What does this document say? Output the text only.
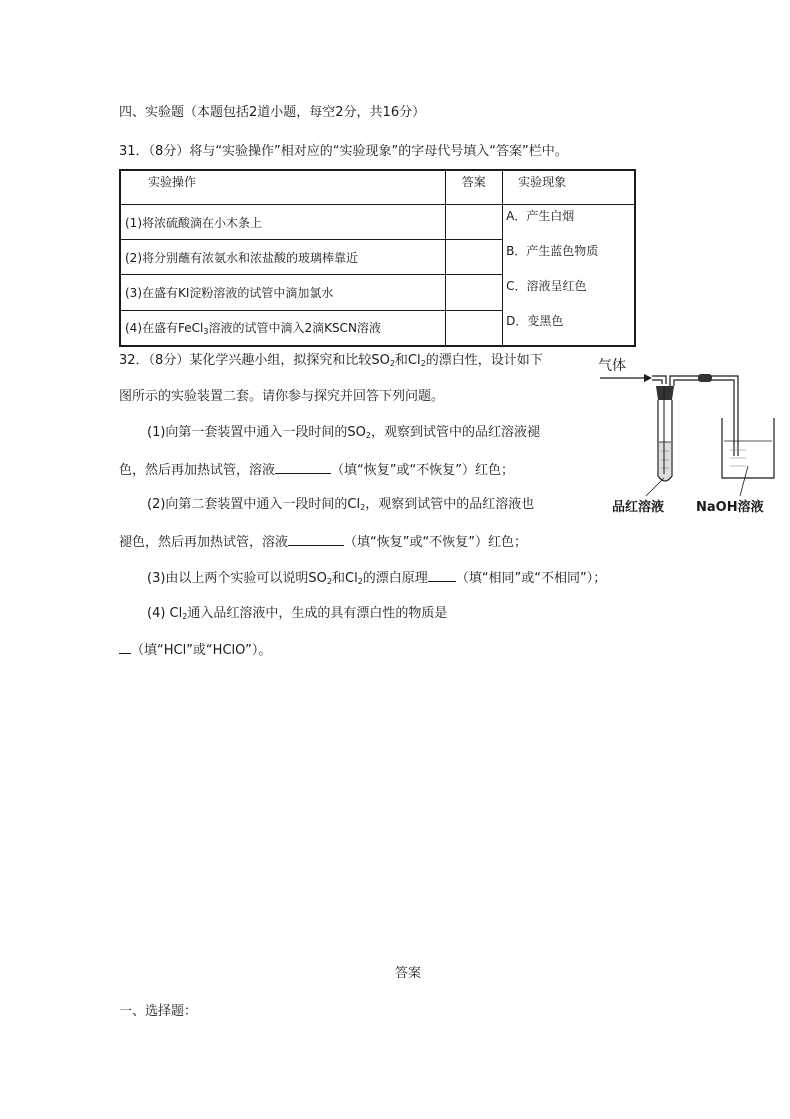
四、实验题（本题包括2道小题，每空2分，共16分）
31．（8分）将与“实验操作”相对应的“实验现象”的字母代号填入“答案”栏中。
实验操作	答案	实验现象
(1)将浓硫酸滴在小木条上		A．产生白烟
B．产生蓝色物质
C．溶液呈红色
D．变黑色

(2)将分别蘸有浓氨水和浓盐酸的玻璃棒靠近		
(3)在盛有KI淀粉溶液的试管中滴加氯水		
(4)在盛有FeCl$_3$溶液的试管中滴入2滴KSCN溶液		
32．（8分）某化学兴趣小组，拟探究和比较$SO_2$和$Cl_2$的漂白性，设计如下
图所示的实验装置二套。请你参与探究并回答下列问题。
(1)向第一套装置中通入一段时间的$SO_2$，观察到试管中的品红溶液褪
色，然后再加热试管，溶液	（填“恢复”或“不恢复”）红色；
(2)向第二套装置中通入一段时间的$Cl_2$，观察到试管中的品红溶液也
褪色，然后再加热试管，溶液	（填“恢复”或“不恢复”）红色；
(3)由以上两个实验可以说明$SO_2$和$Cl_2$的漂白原理 （填“相同”或“不相同”）；
(4) $Cl_2$通入品红溶液中，生成的具有漂白性的物质是
（填“HCl”或“HClO”）。
气体
品红溶液 NaOH溶液
答案
一、选择题：
